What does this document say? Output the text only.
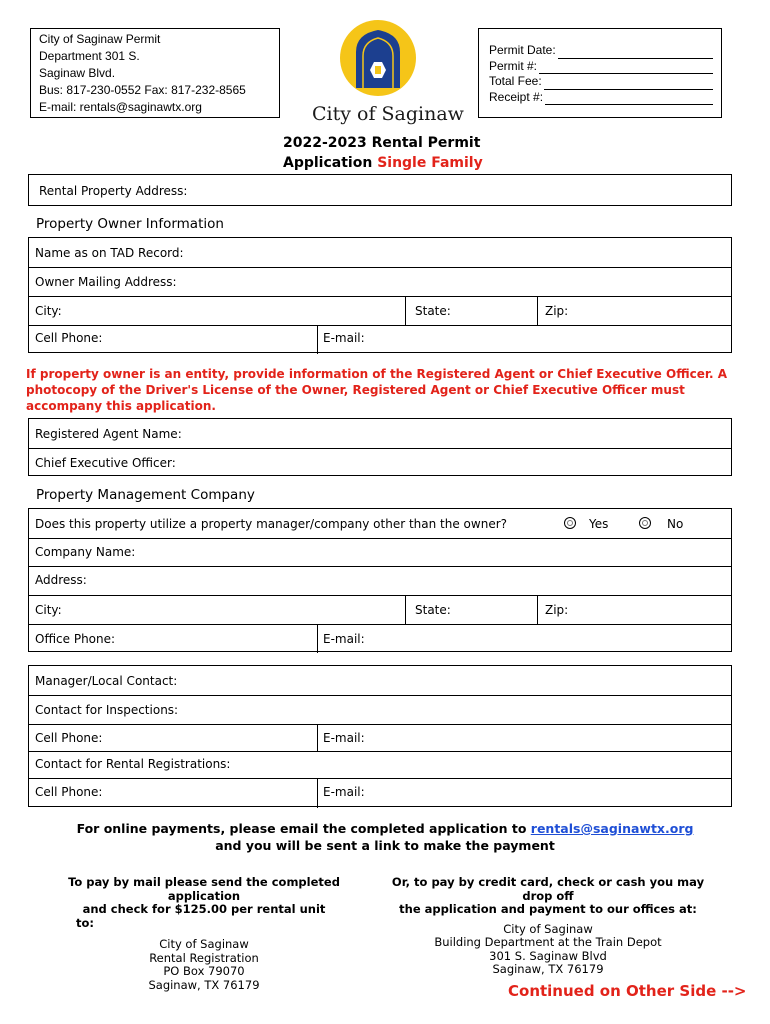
City of Saginaw Permit
Department 301 S.
Saginaw Blvd.
Bus: 817-230-0552 Fax: 817-232-8565
E-mail: rentals@saginawtx.org	City of Saginaw
Permit Date:
Permit #:
Total Fee:
Receipt #:
2022-2023 Rental Permit
Application Single Family
Rental Property Address:
Property Owner Information
Name as on TAD Record:
Owner Mailing Address:
City:	State:	Zip:
Cell Phone:	E-mail:
If property owner is an entity, provide information of the Registered Agent or Chief Executive Officer. A photocopy of the Driver's License of the Owner, Registered Agent or Chief Executive Officer must accompany this application.
Registered Agent Name:
Chief Executive Officer:
Property Management Company
Does this property utilize a property manager/company other than the owner?	Yes	No
Company Name:
Address:
City:	State:	Zip:
Office Phone:	E-mail:
Manager/Local Contact:
Contact for Inspections:
Cell Phone:	E-mail:
Contact for Rental Registrations:
Cell Phone:	E-mail:
For online payments, please email the completed application to rentals@saginawtx.org
and you will be sent a link to make the payment
To pay by mail please send the completed application
and check for $125.00 per rental unit
to:
City of Saginaw
Rental Registration
PO Box 79070
Saginaw, TX 76179
Or, to pay by credit card, check or cash you may drop off
the application and payment to our offices at:
City of Saginaw
Building Department at the Train Depot
301 S. Saginaw Blvd
Saginaw, TX 76179
Continued on Other Side -->
